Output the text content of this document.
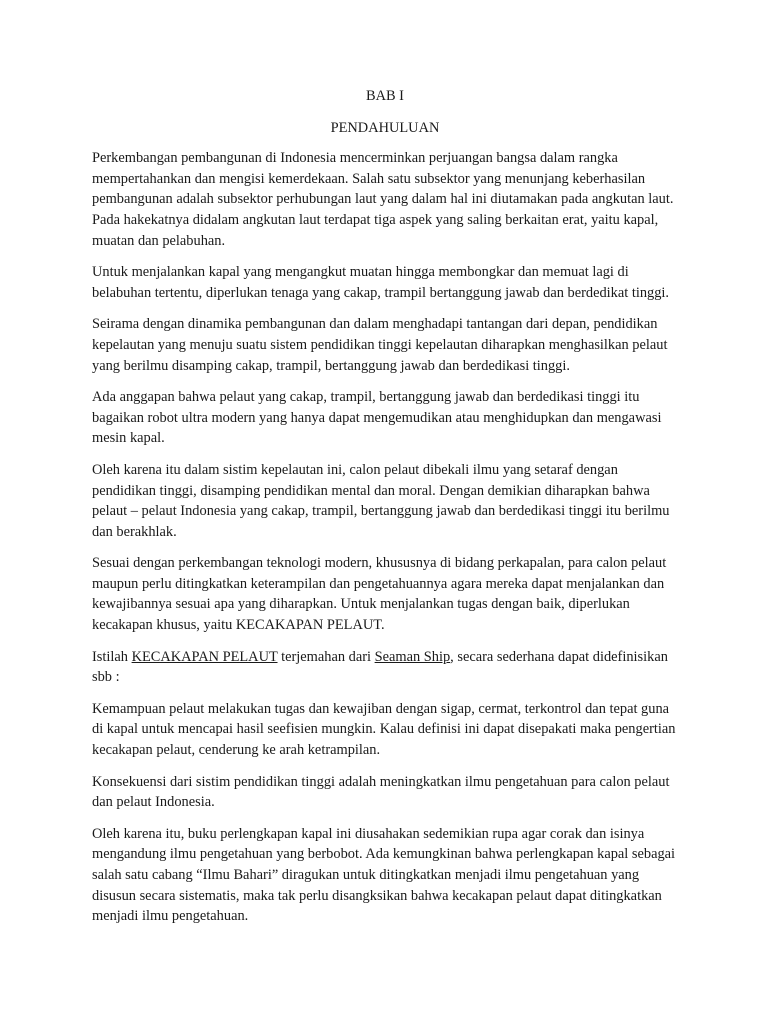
BAB I

PENDAHULUAN

Perkembangan pembangunan di Indonesia mencerminkan perjuangan bangsa dalam rangka mempertahankan dan mengisi kemerdekaan. Salah satu subsektor yang menunjang keberhasilan pembangunan adalah subsektor perhubungan laut yang dalam hal ini diutamakan pada angkutan laut. Pada hakekatnya didalam angkutan laut terdapat tiga aspek yang saling berkaitan erat, yaitu kapal, muatan dan pelabuhan.

Untuk menjalankan kapal yang mengangkut muatan hingga membongkar dan memuat lagi di belabuhan tertentu, diperlukan tenaga yang cakap, trampil bertanggung jawab dan berdedikat tinggi.

Seirama dengan dinamika pembangunan dan dalam menghadapi tantangan dari depan, pendidikan kepelautan yang menuju suatu sistem pendidikan tinggi kepelautan diharapkan menghasilkan pelaut yang berilmu disamping cakap, trampil, bertanggung jawab dan berdedikasi tinggi.

Ada anggapan bahwa pelaut yang cakap, trampil, bertanggung jawab dan berdedikasi tinggi itu bagaikan robot ultra modern yang hanya dapat mengemudikan atau menghidupkan dan mengawasi mesin kapal.

Oleh karena itu dalam sistim kepelautan ini, calon pelaut dibekali ilmu yang setaraf dengan pendidikan tinggi, disamping pendidikan mental dan moral. Dengan demikian diharapkan bahwa pelaut – pelaut Indonesia yang cakap, trampil, bertanggung jawab dan berdedikasi tinggi itu berilmu dan berakhlak.

Sesuai dengan perkembangan teknologi modern, khususnya di bidang perkapalan, para calon pelaut maupun perlu ditingkatkan keterampilan dan pengetahuannya agara mereka dapat menjalankan dan kewajibannya sesuai apa yang diharapkan. Untuk menjalankan tugas dengan baik, diperlukan kecakapan khusus, yaitu KECAKAPAN PELAUT.

Istilah KECAKAPAN PELAUT terjemahan dari Seaman Ship, secara sederhana dapat didefinisikan sbb :

Kemampuan pelaut melakukan tugas dan kewajiban dengan sigap, cermat, terkontrol dan tepat guna di kapal untuk mencapai hasil seefisien mungkin. Kalau definisi ini dapat disepakati maka pengertian kecakapan pelaut, cenderung ke arah ketrampilan.

Konsekuensi dari sistim pendidikan tinggi adalah meningkatkan ilmu pengetahuan para calon pelaut dan pelaut Indonesia.

Oleh karena itu, buku perlengkapan kapal ini diusahakan sedemikian rupa agar corak dan isinya mengandung ilmu pengetahuan yang berbobot. Ada kemungkinan bahwa perlengkapan kapal sebagai salah satu cabang “Ilmu Bahari” diragukan untuk ditingkatkan menjadi ilmu pengetahuan yang disusun secara sistematis, maka tak perlu disangksikan bahwa kecakapan pelaut dapat ditingkatkan menjadi ilmu pengetahuan.
